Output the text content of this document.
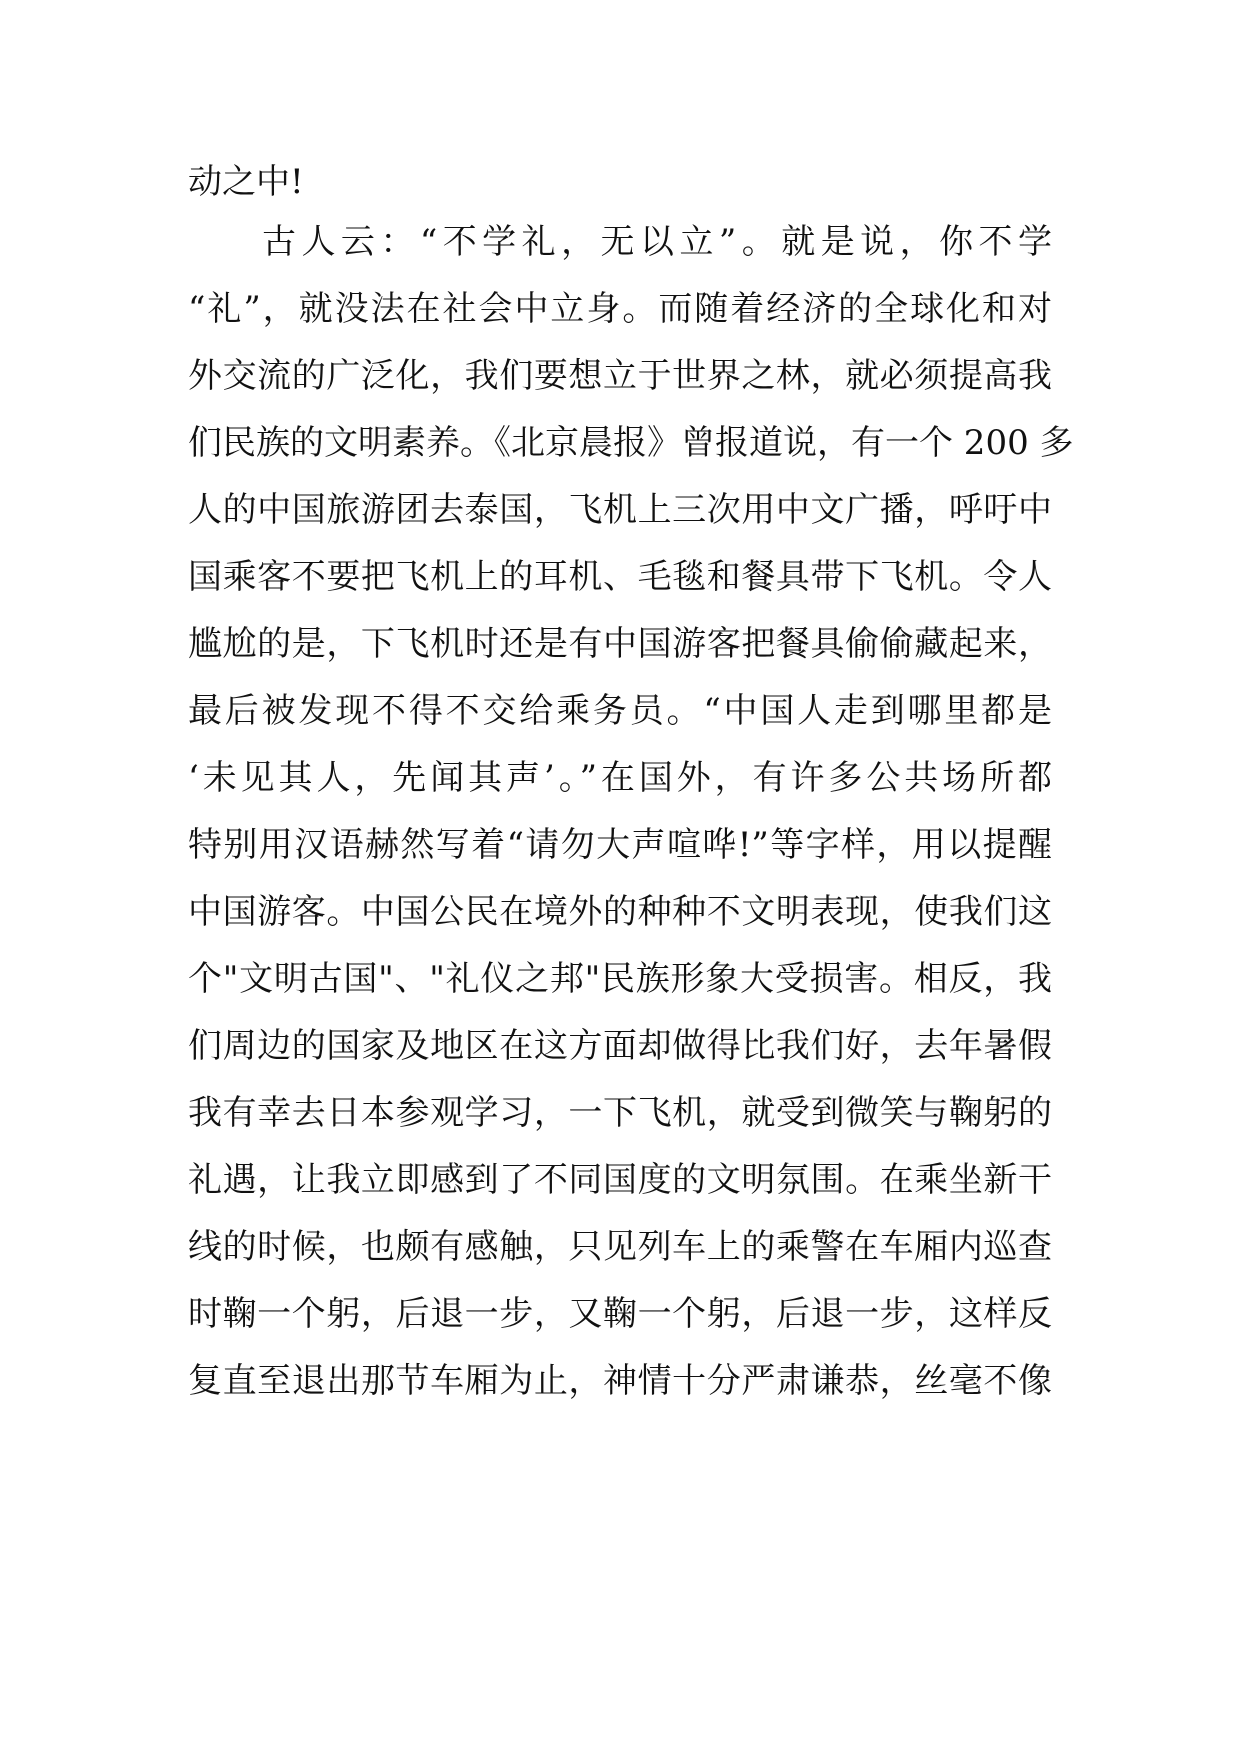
动之中!
古人云：“不学礼，无以立”。就是说，你不学
“礼”，就没法在社会中立身。而随着经济的全球化和对
外交流的广泛化，我们要想立于世界之林，就必须提高我
们民族的文明素养。《北京晨报》曾报道说，有一个 200 多
人的中国旅游团去泰国，飞机上三次用中文广播，呼吁中
国乘客不要把飞机上的耳机、毛毯和餐具带下飞机。令人
尴尬的是，下飞机时还是有中国游客把餐具偷偷藏起来，
最后被发现不得不交给乘务员。“中国人走到哪里都是
‘未见其人，先闻其声’。”在国外，有许多公共场所都
特别用汉语赫然写着“请勿大声喧哗!”等字样，用以提醒
中国游客。中国公民在境外的种种不文明表现，使我们这
个"文明古国"、"礼仪之邦"民族形象大受损害。相反，我
们周边的国家及地区在这方面却做得比我们好，去年暑假
我有幸去日本参观学习，一下飞机，就受到微笑与鞠躬的
礼遇，让我立即感到了不同国度的文明氛围。在乘坐新干
线的时候，也颇有感触，只见列车上的乘警在车厢内巡查
时鞠一个躬，后退一步，又鞠一个躬，后退一步，这样反
复直至退出那节车厢为止，神情十分严肃谦恭，丝毫不像
